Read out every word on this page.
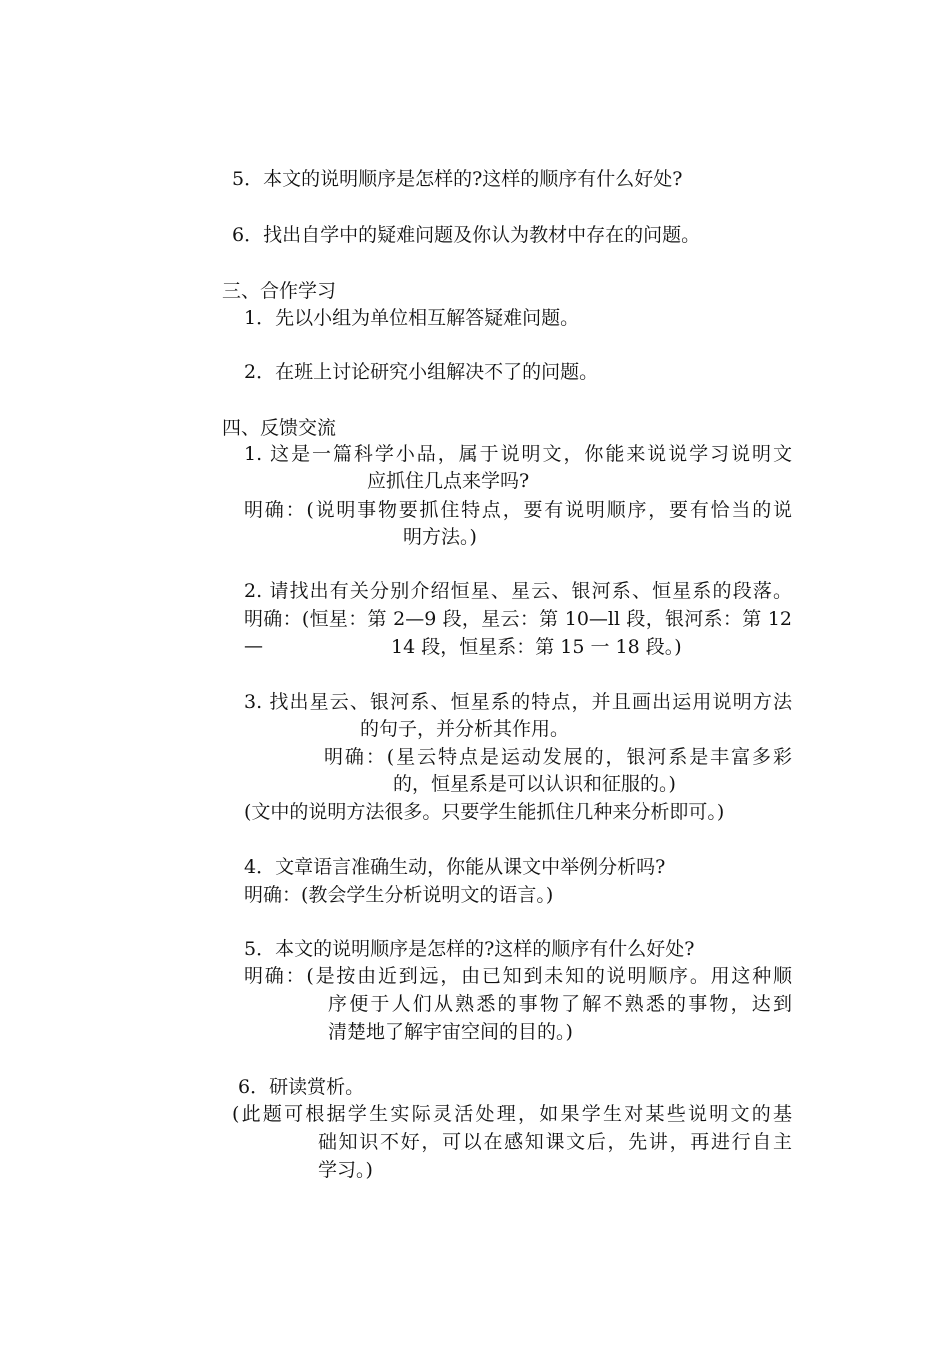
5．本文的说明顺序是怎样的?这样的顺序有什么好处?
6．找出自学中的疑难问题及你认为教材中存在的问题。
三、合作学习
1．先以小组为单位相互解答疑难问题。
2．在班上讨论研究小组解决不了的问题。
四、反馈交流
1. 这是一篇科学小品，属于说明文，你能来说说学习说明文
应抓住几点来学吗?
明确：(说明事物要抓住特点，要有说明顺序，要有恰当的说
明方法。)
2. 请找出有关分别介绍恒星、星云、银河系、恒星系的段落。
明确：(恒星：第 2—9 段，星云：第 10—ll 段，银河系：第 12—	14 段，恒星系：第 15 一 18 段。)
3. 找出星云、银河系、恒星系的特点，并且画出运用说明方法
的句子，并分析其作用。
明确：(星云特点是运动发展的，银河系是丰富多彩
的，恒星系是可以认识和征服的。)
(文中的说明方法很多。只要学生能抓住几种来分析即可。)
4．文章语言准确生动，你能从课文中举例分析吗?
明确：(教会学生分析说明文的语言。)
5．本文的说明顺序是怎样的?这样的顺序有什么好处?
明确：(是按由近到远，由已知到未知的说明顺序。用这种顺
序便于人们从熟悉的事物了解不熟悉的事物，达到
清楚地了解宇宙空间的目的。)
6．研读赏析。
(此题可根据学生实际灵活处理，如果学生对某些说明文的基
础知识不好，可以在感知课文后，先讲，再进行自主
学习。)
